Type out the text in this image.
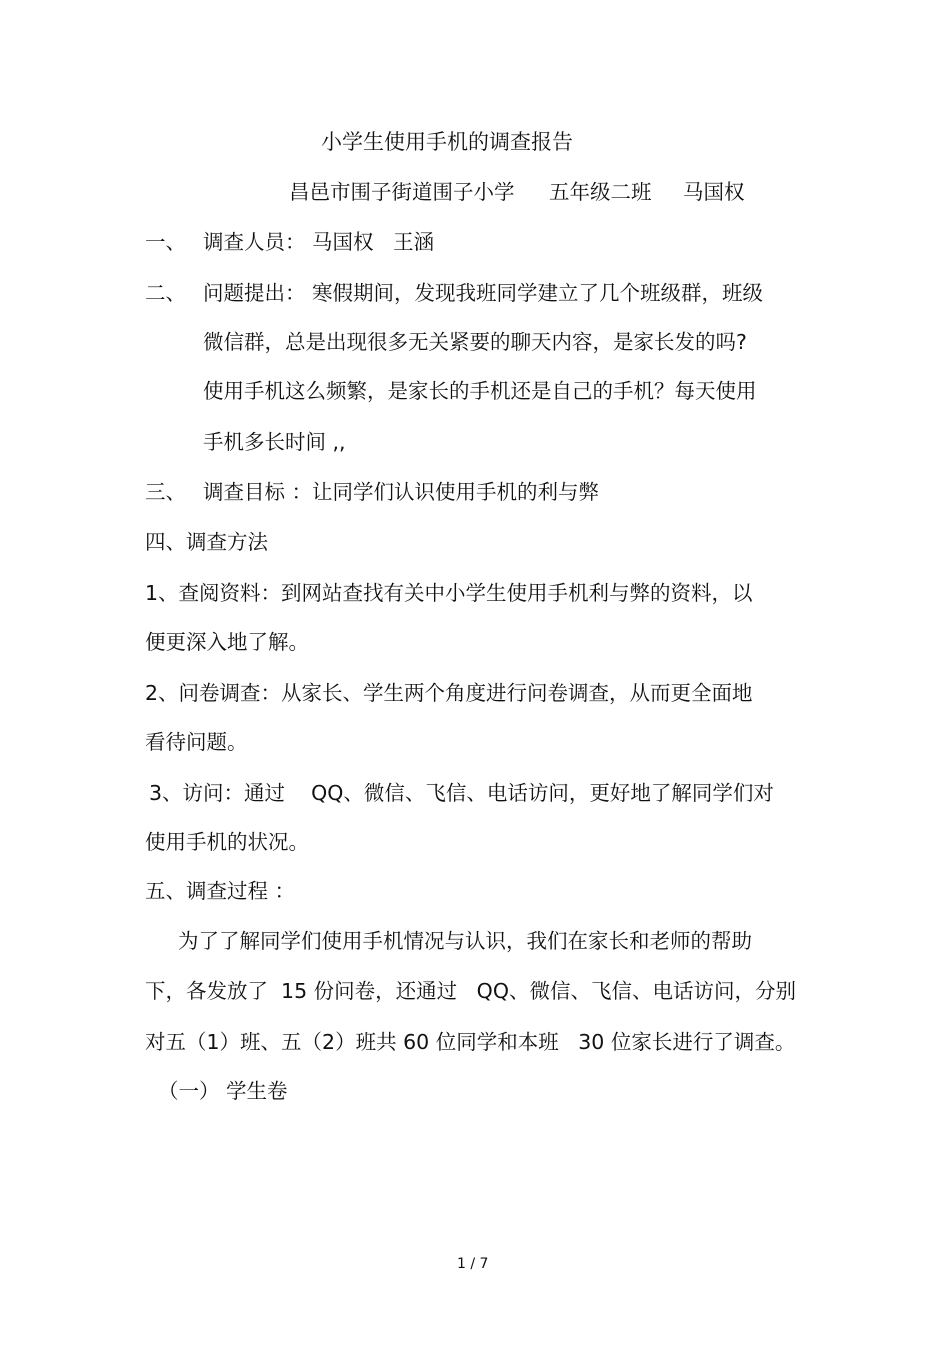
小学生使用手机的调查报告
昌邑市围子街道围子小学 五年级二班 马国权
一、 调查人员： 马国权   王涵
二、 问题提出： 寒假期间，发现我班同学建立了几个班级群，班级
微信群，总是出现很多无关紧要的聊天内容，是家长发的吗?
使用手机这么频繁，是家长的手机还是自己的手机？每天使用
手机多长时间 ,,
三、 调查目标 ：让同学们认识使用手机的利与弊
四、调查方法
1、查阅资料：到网站查找有关中小学生使用手机利与弊的资料，以
便更深入地了解。
2、问卷调查：从家长、学生两个角度进行问卷调查，从而更全面地
看待问题。
3、访问：通过    QQ、微信、飞信、电话访问，更好地了解同学们对
使用手机的状况。
五、调查过程 ：
为了了解同学们使用手机情况与认识，我们在家长和老师的帮助
下，各发放了  15 份问卷，还通过   QQ、微信、飞信、电话访问，分别
对五（1）班、五（2）班共 60 位同学和本班   30 位家长进行了调查。
（一） 学生卷
1 / 7
